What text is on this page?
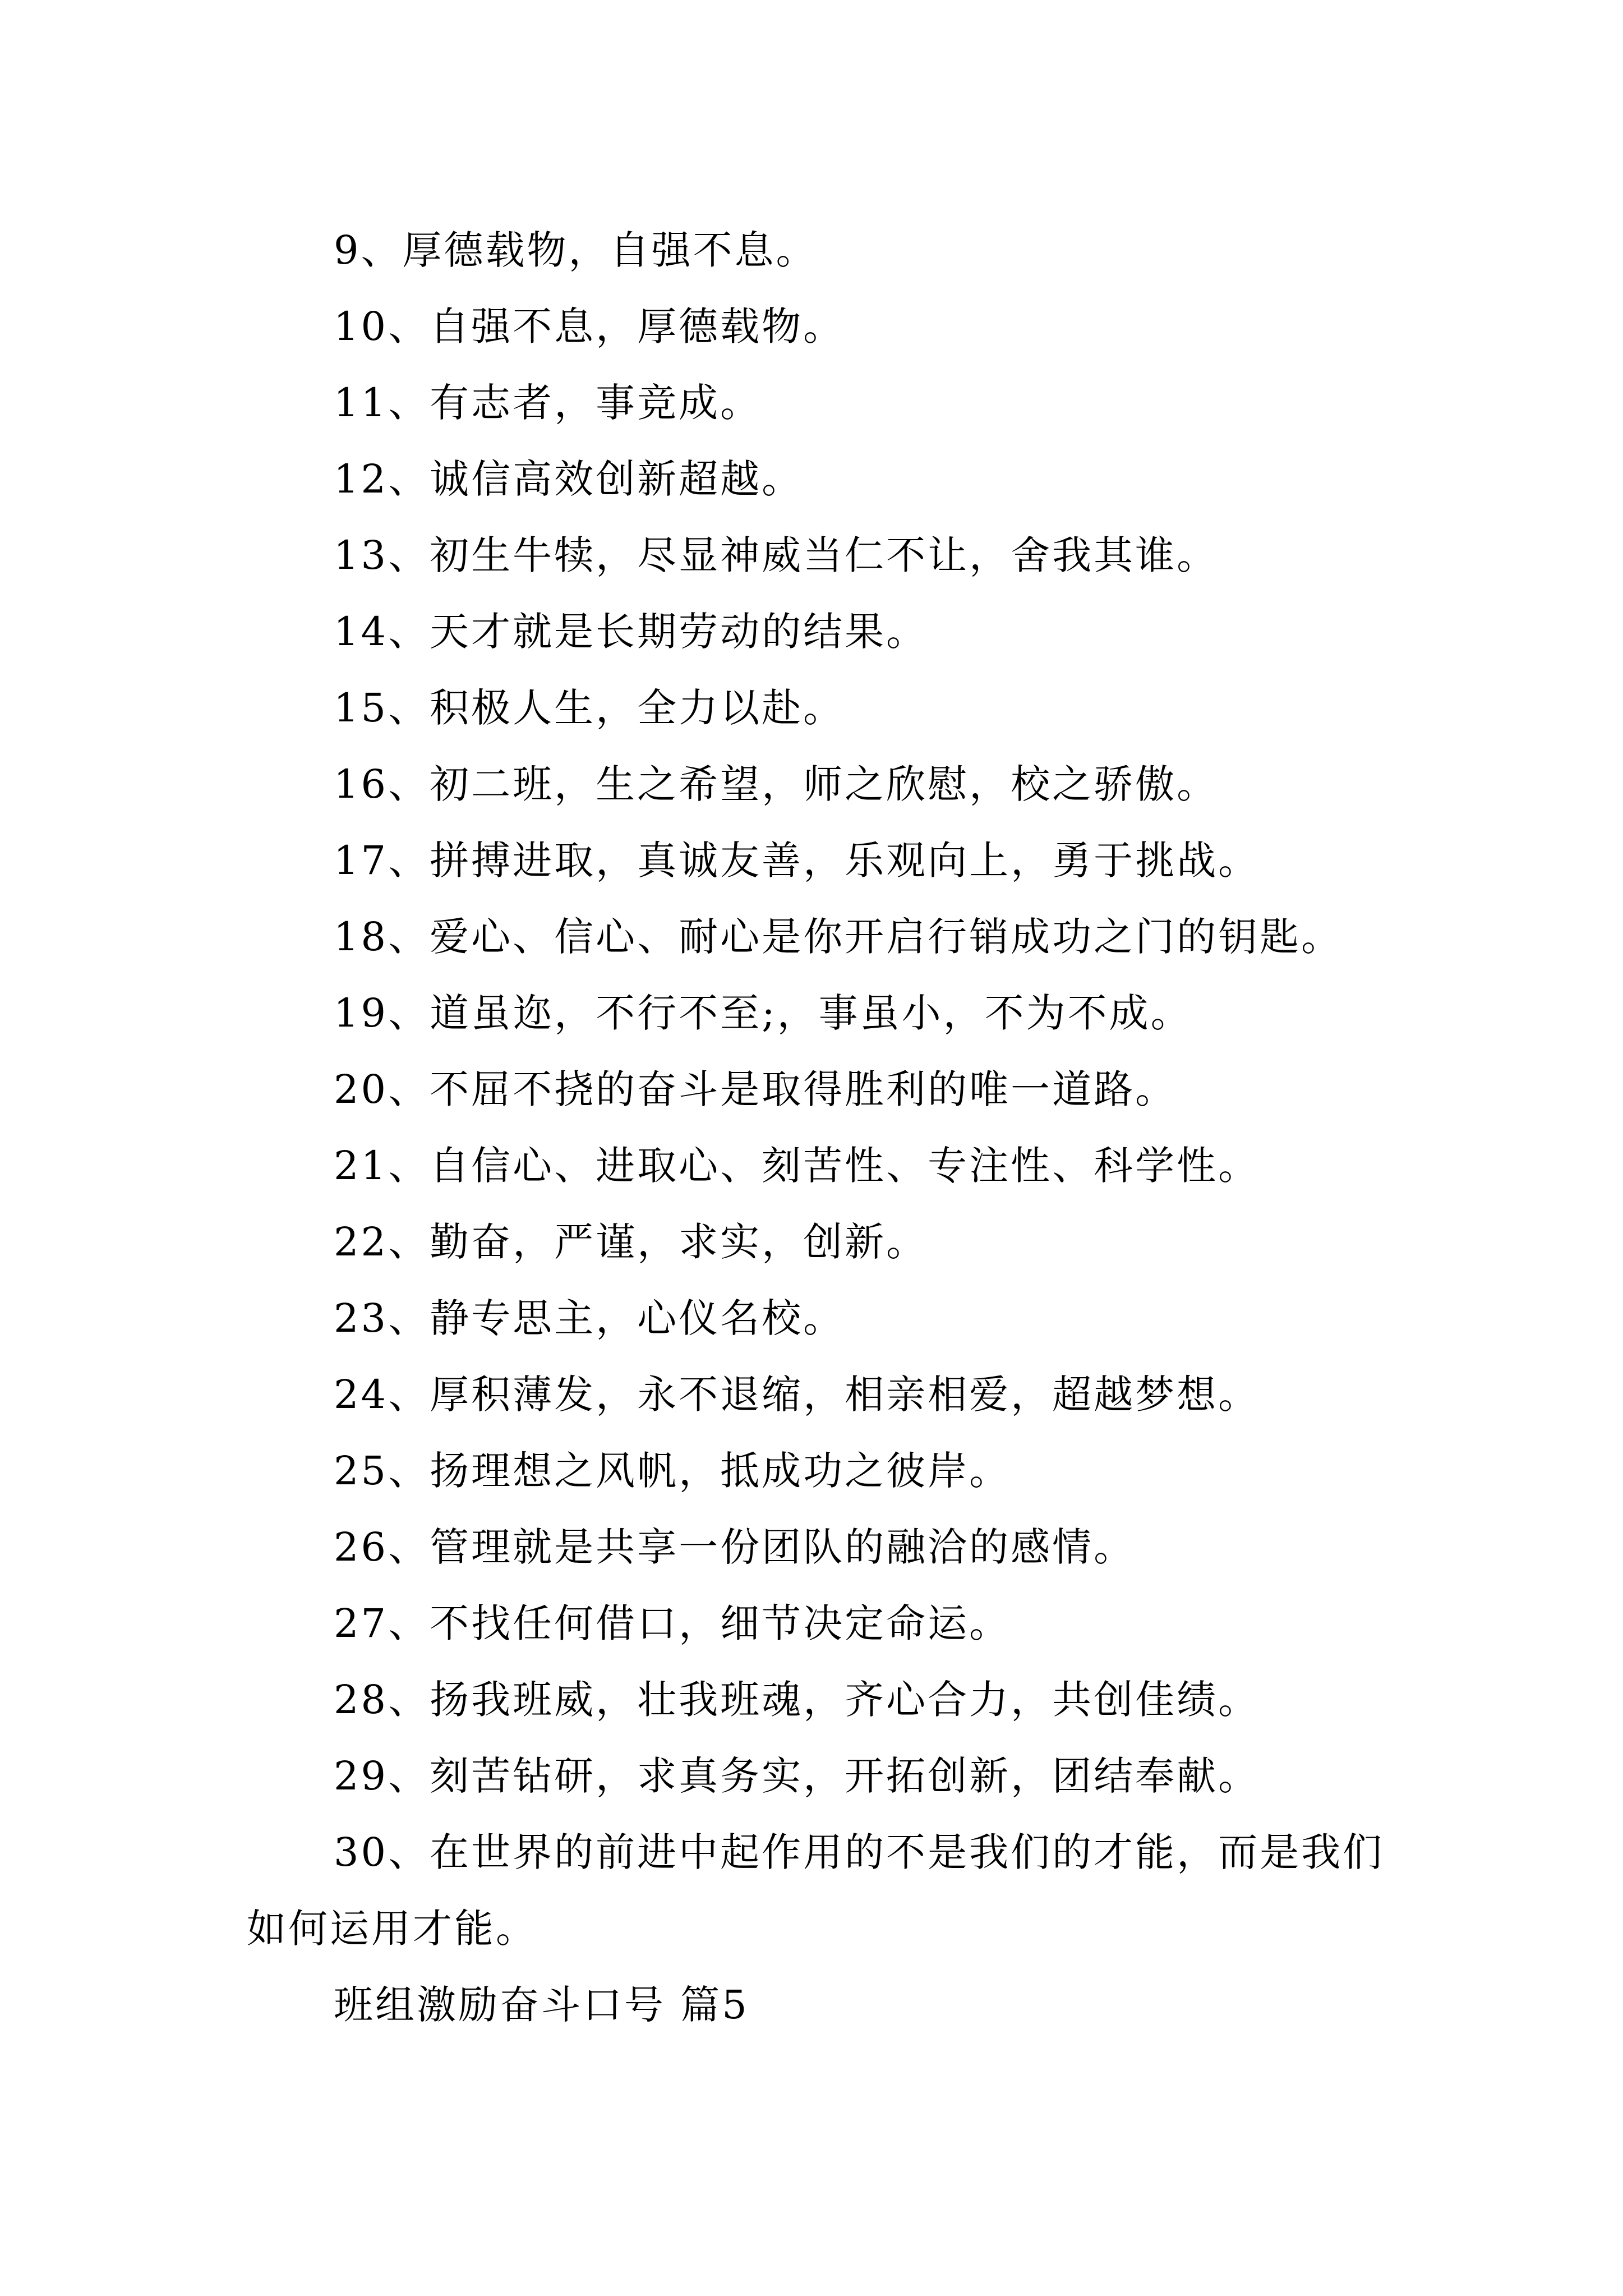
9、厚德载物，自强不息。
10、自强不息，厚德载物。
11、有志者，事竞成。
12、诚信高效创新超越。
13、初生牛犊，尽显神威当仁不让，舍我其谁。
14、天才就是长期劳动的结果。
15、积极人生，全力以赴。
16、初二班，生之希望，师之欣慰，校之骄傲。
17、拼搏进取，真诚友善，乐观向上，勇于挑战。
18、爱心、信心、耐心是你开启行销成功之门的钥匙。
19、道虽迩，不行不至;，事虽小，不为不成。
20、不屈不挠的奋斗是取得胜利的唯一道路。
21、自信心、进取心、刻苦性、专注性、科学性。
22、勤奋，严谨，求实，创新。
23、静专思主，心仪名校。
24、厚积薄发，永不退缩，相亲相爱，超越梦想。
25、扬理想之风帆，抵成功之彼岸。
26、管理就是共享一份团队的融洽的感情。
27、不找任何借口，细节决定命运。
28、扬我班威，壮我班魂，齐心合力，共创佳绩。
29、刻苦钻研，求真务实，开拓创新，团结奉献。
30、在世界的前进中起作用的不是我们的才能，而是我们如何运用才能。
班组激励奋斗口号 篇5
